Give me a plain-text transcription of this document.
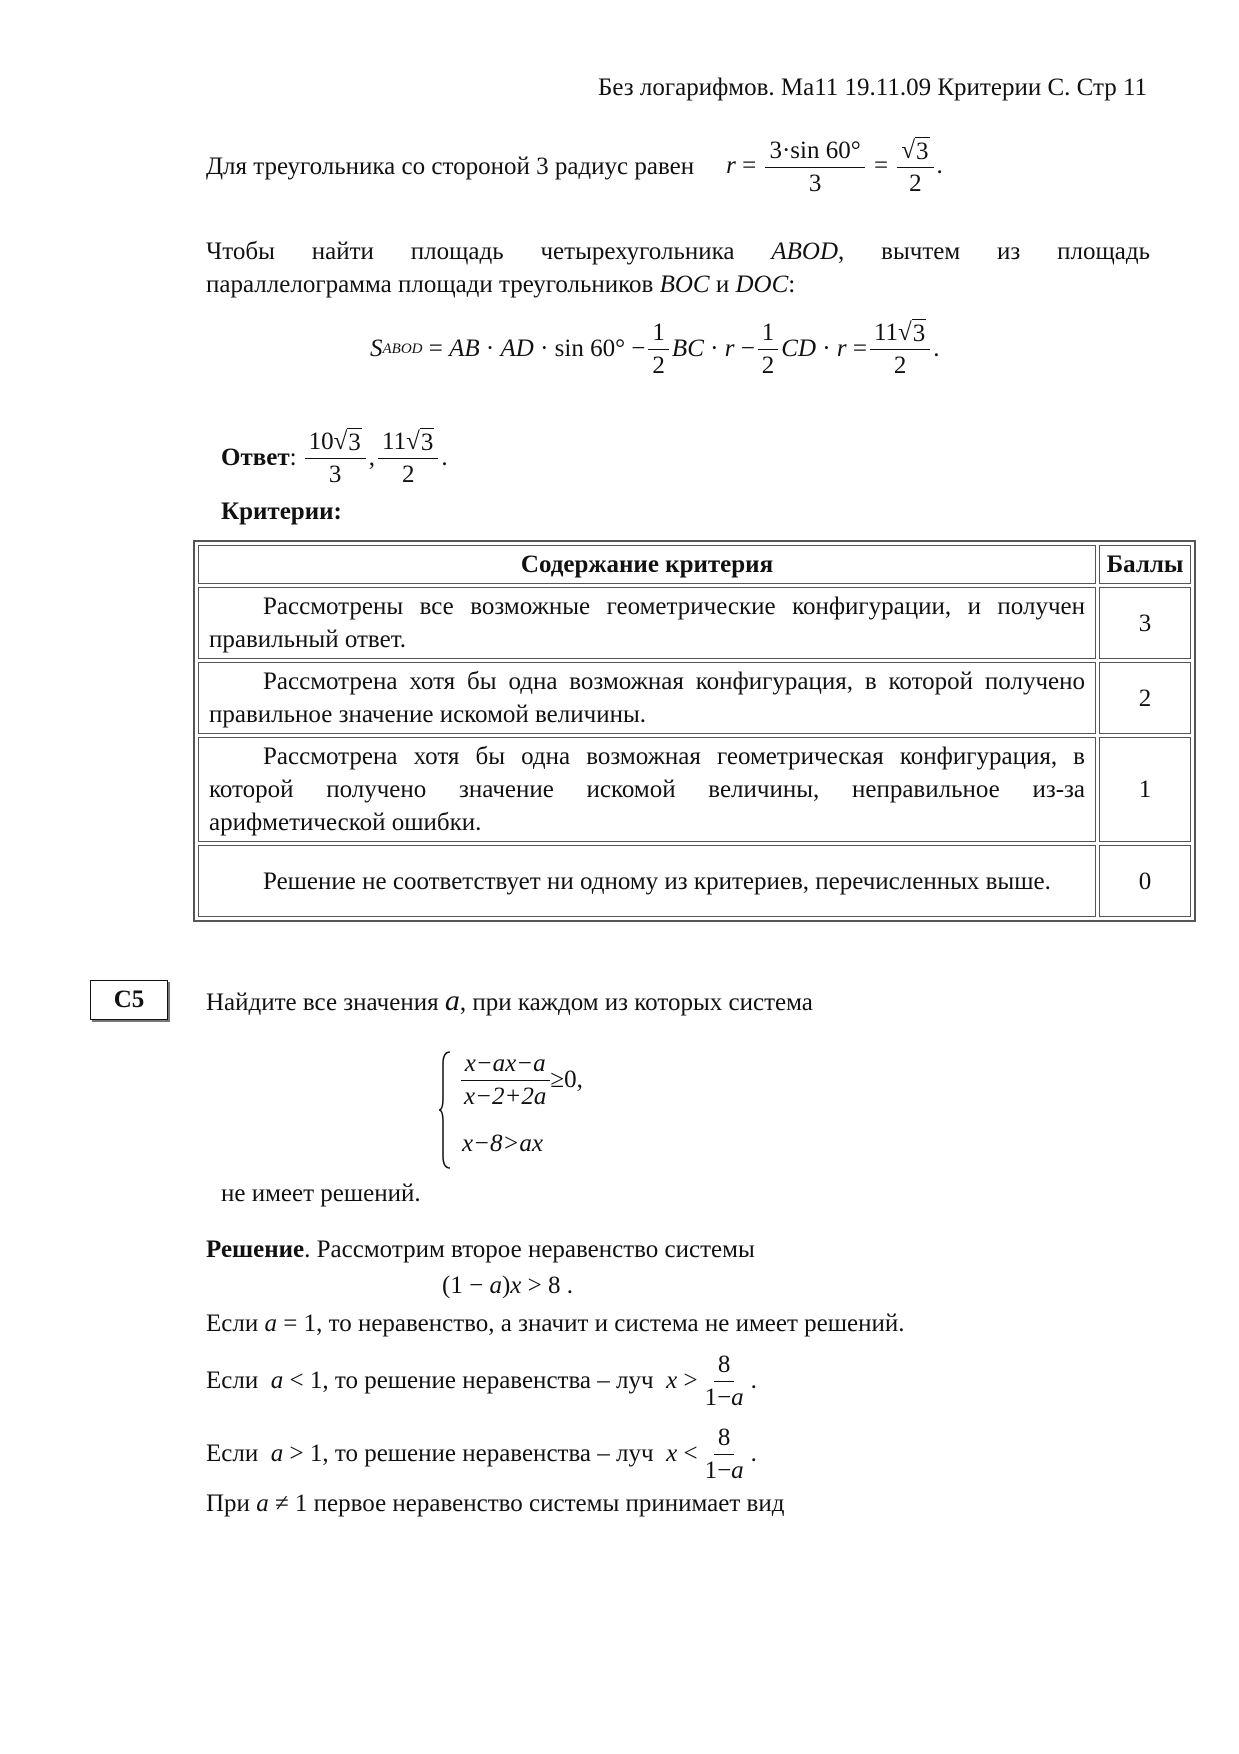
Без логарифмов. Ма11 19.11.09 Критерии С. Стр 11
Для треугольника со стороной 3 радиус равен $r = \frac{3\cdot\sin 60^\circ}{3} = \frac{√ 3}{2}$ .
Чтобы найти площадь четырехугольника ABOD, вычтем из площадь
параллелограмма площади треугольников BOC и DOC:
S ABOD = AB · AD · $\sin 60^\circ - \frac{1}{2}$ BC · $r - \frac{1}{2}$ CD · $r = \frac{11 √ 3}{2}$ .
Ответ : $\frac{10 √ 3}{3}$ , $\frac{11 √ 3}{2}$ .
Критерии:
Содержание критерия	Баллы

Рассмотрены все возможные геометрические конфигурации, и получен правильный ответ.	3

Рассмотрена хотя бы одна возможная конфигурация, в которой получено правильное значение искомой величины.	2

Рассмотрена хотя бы одна возможная геометрическая конфигурация, в которой получено значение искомой величины, неправильное из-за арифметической ошибки.	1

Решение не соответствует ни одному из критериев, перечисленных выше.	0
C5	Найдите все значения a, при каждом из которых система
$\frac{x-ax-a}{x-2+2a} \ge 0$,
x−8>ax
не имеет решений.
Решение. Рассмотрим второе неравенство системы
(1 − a)x > 8 .
Если a = 1, то неравенство, а значит и система не имеет решений.
Если
a < 1 , то решение неравенства – луч
$x > \frac{8}{1-a}$ .
Если
a > 1 , то решение неравенства – луч
$x < \frac{8}{1-a}$ .
При a ≠ 1 первое неравенство системы принимает вид
